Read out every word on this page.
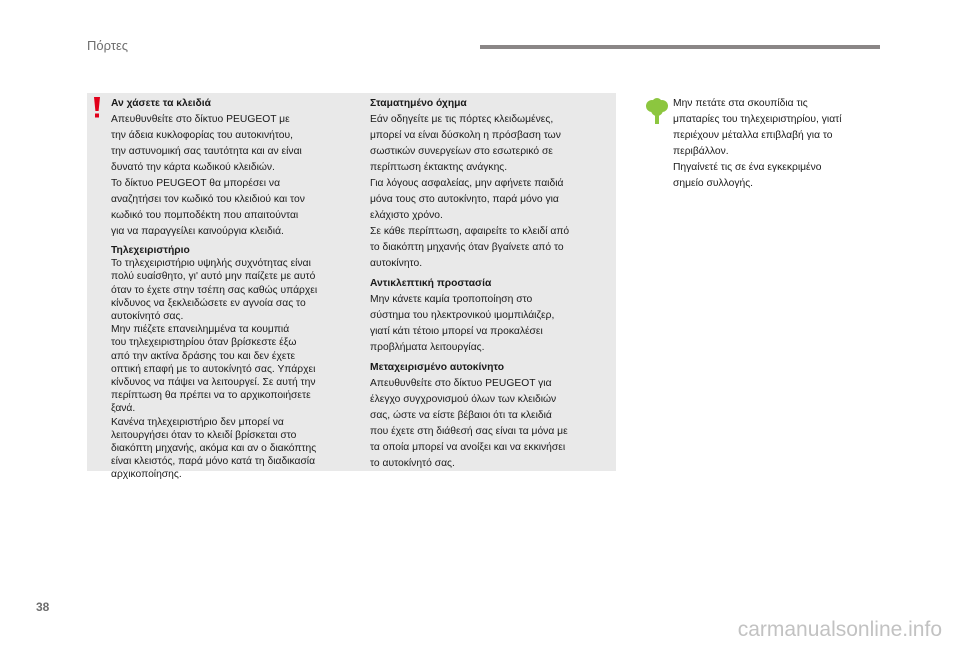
Πόρτες
Αν χάσετε τα κλειδιά
Απευθυνθείτε στο δίκτυο PEUGEOT με
την άδεια κυκλοφορίας του αυτοκινήτου,
την αστυνομική σας ταυτότητα και αν είναι
δυνατό την κάρτα κωδικού κλειδιών.
Το δίκτυο PEUGEOT θα μπορέσει να
αναζητήσει τον κωδικό του κλειδιού και τον
κωδικό του πομποδέκτη που απαιτούνται
για να παραγγείλει καινούργια κλειδιά.
Τηλεχειριστήριο
Το τηλεχειριστήριο υψηλής συχνότητας είναι
πολύ ευαίσθητο, γι' αυτό μην παίζετε με αυτό
όταν το έχετε στην τσέπη σας καθώς υπάρχει
κίνδυνος να ξεκλειδώσετε εν αγνοία σας το
αυτοκίνητό σας.
Μην πιέζετε επανειλημμένα τα κουμπιά
του τηλεχειριστηρίου όταν βρίσκεστε έξω
από την ακτίνα δράσης του και δεν έχετε
οπτική επαφή με το αυτοκίνητό σας. Υπάρχει
κίνδυνος να πάψει να λειτουργεί. Σε αυτή την
περίπτωση θα πρέπει να το αρχικοποιήσετε
ξανά.
Κανένα τηλεχειριστήριο δεν μπορεί να
λειτουργήσει όταν το κλειδί βρίσκεται στο
διακόπτη μηχανής, ακόμα και αν ο διακόπτης
είναι κλειστός, παρά μόνο κατά τη διαδικασία
αρχικοποίησης.
Σταματημένο όχημα
Εάν οδηγείτε με τις πόρτες κλειδωμένες,
μπορεί να είναι δύσκολη η πρόσβαση των
σωστικών συνεργείων στο εσωτερικό σε
περίπτωση έκτακτης ανάγκης.
Για λόγους ασφαλείας, μην αφήνετε παιδιά
μόνα τους στο αυτοκίνητο, παρά μόνο για
ελάχιστο χρόνο.
Σε κάθε περίπτωση, αφαιρείτε το κλειδί από
το διακόπτη μηχανής όταν βγαίνετε από το
αυτοκίνητο.
Αντικλεπτική προστασία
Μην κάνετε καμία τροποποίηση στο
σύστημα του ηλεκτρονικού ιμομπιλάιζερ,
γιατί κάτι τέτοιο μπορεί να προκαλέσει
προβλήματα λειτουργίας.
Μεταχειρισμένο αυτοκίνητο
Απευθυνθείτε στο δίκτυο PEUGEOT για
έλεγχο συγχρονισμού όλων των κλειδιών
σας, ώστε να είστε βέβαιοι ότι τα κλειδιά
που έχετε στη διάθεσή σας είναι τα μόνα με
τα οποία μπορεί να ανοίξει και να εκκινήσει
το αυτοκίνητό σας.
Μην πετάτε στα σκουπίδια τις
μπαταρίες του τηλεχειριστηρίου, γιατί
περιέχουν μέταλλα επιβλαβή για το
περιβάλλον.
Πηγαίνετέ τις σε ένα εγκεκριμένο
σημείο συλλογής.
38
carmanualsonline.info
